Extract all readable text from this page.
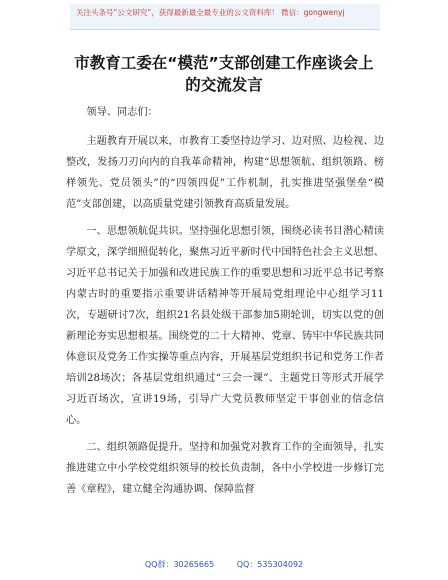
关注头条号“公文研究”，获得最新最全最专业的公文资料库！ 微信：gongwenyj
市教育工委在“模范”支部创建工作座谈会上
的交流发言

领导、同志们：

主题教育开展以来，市教育工委坚持边学习、边对照、边检视、边整改，发扬刀刃向内的自我革命精神，构建“思想领航、组织领路、榜样领先、党员领头”的“四领四促”工作机制，扎实推进坚强堡垒“模范”支部创建，以高质量党建引领教育高质量发展。

一、思想领航促共识。坚持强化思想引领，围绕必读书目潜心精读学原文，深学细照促转化，聚焦习近平新时代中国特色社会主义思想、习近平总书记关于加强和改进民族工作的重要思想和习近平总书记考察内蒙古时的重要指示重要讲话精神等开展局党组理论中心组学习11次，专题研讨7次，组织21名县处级干部参加5期轮训，切实以党的创新理论夯实思想根基。围绕党的二十大精神、党章、铸牢中华民族共同体意识及党务工作实操等重点内容，开展基层党组织书记和党务工作者培训28场次；各基层党组织通过“三会一课”、主题党日等形式开展学习近百场次，宣讲19场，引导广大党员教师坚定干事创业的信念信心。

二、组织领路促提升。坚持和加强党对教育工作的全面领导，扎实推进建立中小学校党组织领导的校长负责制，各中小学校进一步修订完善《章程》，建立健全沟通协调、保障监督

QQ群：30265665	QQ：535304092
